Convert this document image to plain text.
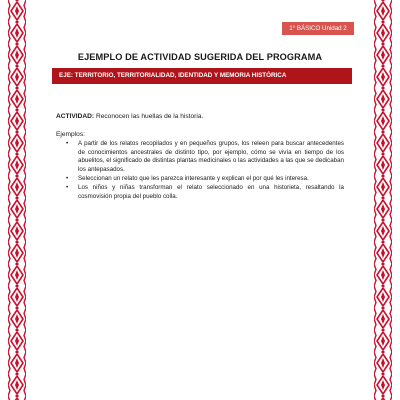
1° BÁSICO Unidad 2
EJEMPLO DE ACTIVIDAD SUGERIDA DEL PROGRAMA
EJE: TERRITORIO, TERRITORIALIDAD, IDENTIDAD Y MEMORIA HISTÓRICA
ACTIVIDAD: Reconocen las huellas de la historia.
Ejemplos:
• A partir de los relatos recopilados y en pequeños grupos, los releen para buscar antecedentes de conocimientos ancestrales de distinto tipo, por ejemplo, cómo se vivía en tiempo de los abuelitos, el significado de distintas plantas medicinales o las actividades a las que se dedicaban los antepasados.
• Seleccionan un relato que les parezca interesante y explican el por qué les interesa.
• Los niños y niñas transforman el relato seleccionado en una historieta, resaltando la cosmovisión propia del pueblo colla.
